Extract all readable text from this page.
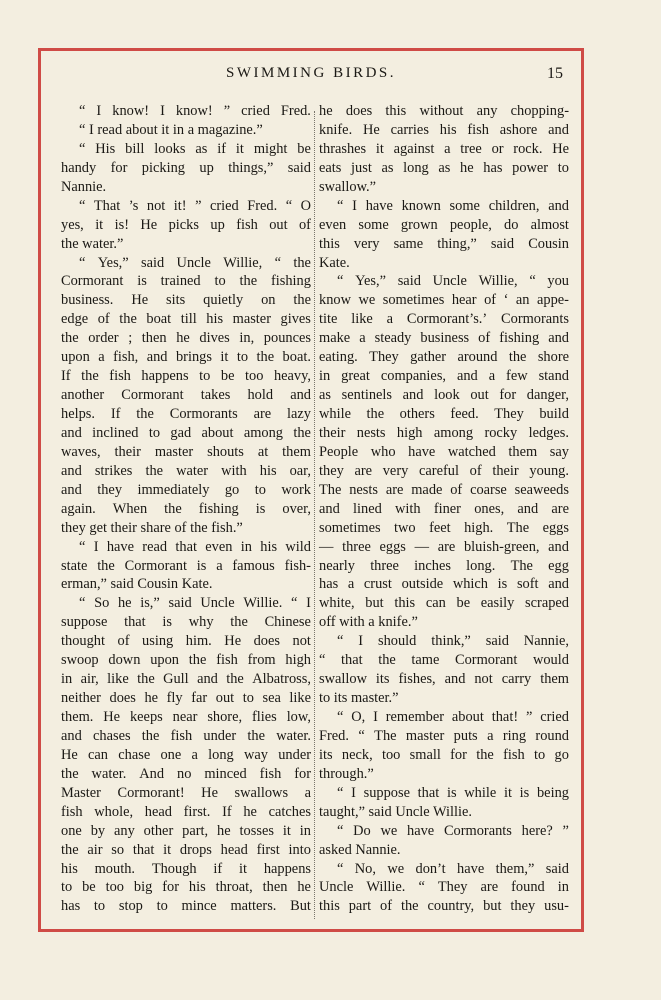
SWIMMING BIRDS.	15
“ I know! I know! ” cried Fred.
“ I read about it in a magazine.”
“ His bill looks as if it might be
handy for picking up things,” said
Nannie.
“ That ’s not it! ” cried Fred. “ O
yes, it is! He picks up fish out of
the water.”
“ Yes,” said Uncle Willie, “ the
Cormorant is trained to the fishing
business. He sits quietly on the
edge of the boat till his master gives
the order ; then he dives in, pounces
upon a fish, and brings it to the boat.
If the fish happens to be too heavy,
another Cormorant takes hold and
helps. If the Cormorants are lazy
and inclined to gad about among the
waves, their master shouts at them
and strikes the water with his oar,
and they immediately go to work
again. When the fishing is over,
they get their share of the fish.”
“ I have read that even in his wild
state the Cormorant is a famous fish-
erman,” said Cousin Kate.
“ So he is,” said Uncle Willie. “ I
suppose that is why the Chinese
thought of using him. He does not
swoop down upon the fish from high
in air, like the Gull and the Albatross,
neither does he fly far out to sea like
them. He keeps near shore, flies low,
and chases the fish under the water.
He can chase one a long way under
the water. And no minced fish for
Master Cormorant! He swallows a
fish whole, head first. If he catches
one by any other part, he tosses it in
the air so that it drops head first into
his mouth. Though if it happens
to be too big for his throat, then he
has to stop to mince matters. But
he does this without any chopping-
knife. He carries his fish ashore and
thrashes it against a tree or rock. He
eats just as long as he has power to
swallow.”
“ I have known some children, and
even some grown people, do almost
this very same thing,” said Cousin
Kate.
“ Yes,” said Uncle Willie, “ you
know we sometimes hear of ‘ an appe-
tite like a Cormorant’s.’ Cormorants
make a steady business of fishing and
eating. They gather around the shore
in great companies, and a few stand
as sentinels and look out for danger,
while the others feed. They build
their nests high among rocky ledges.
People who have watched them say
they are very careful of their young.
The nests are made of coarse seaweeds
and lined with finer ones, and are
sometimes two feet high. The eggs
— three eggs — are bluish-green, and
nearly three inches long. The egg
has a crust outside which is soft and
white, but this can be easily scraped
off with a knife.”
“ I should think,” said Nannie,
“ that the tame Cormorant would
swallow its fishes, and not carry them
to its master.”
“ O, I remember about that! ” cried
Fred. “ The master puts a ring round
its neck, too small for the fish to go
through.”
“ I suppose that is while it is being
taught,” said Uncle Willie.
“ Do we have Cormorants here? ”
asked Nannie.
“ No, we don’t have them,” said
Uncle Willie. “ They are found in
this part of the country, but they usu-
